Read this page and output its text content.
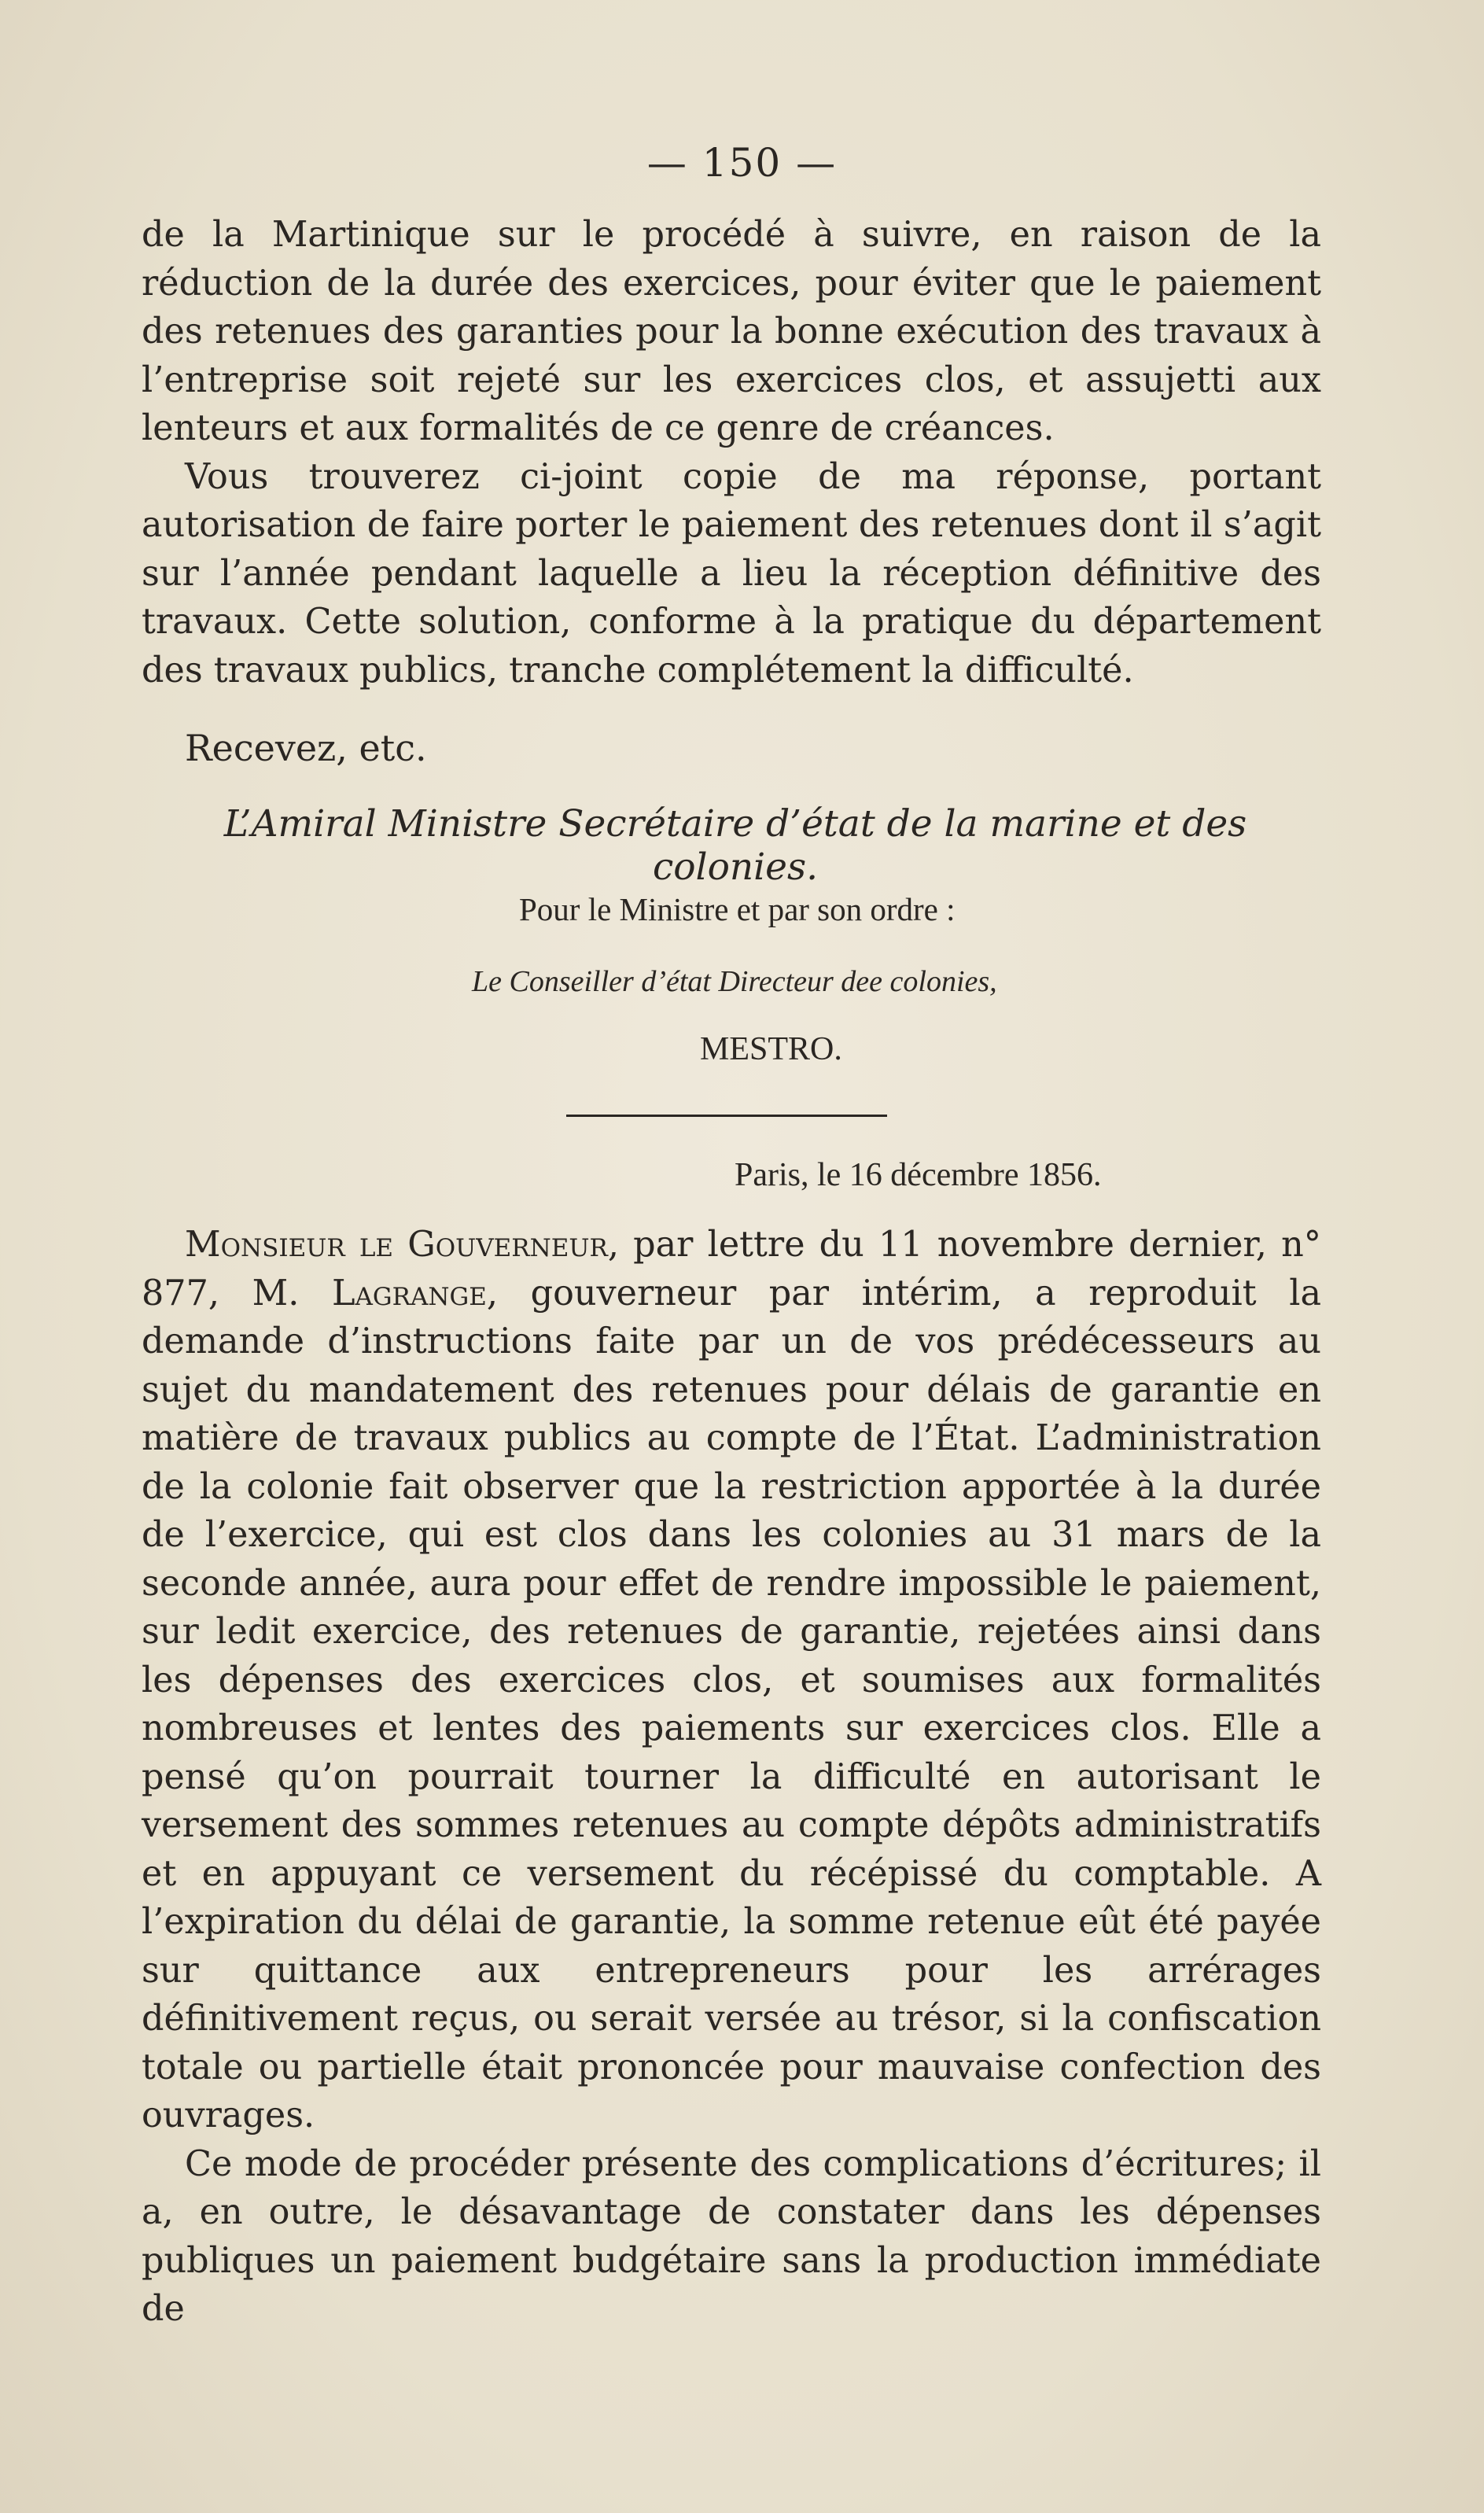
— 150 —

de la Martinique sur le procédé à suivre, en raison de la réduction de la durée des exercices, pour éviter que le paiement des retenues des garanties pour la bonne exécution des travaux à l’entreprise soit rejeté sur les exercices clos, et assujetti aux lenteurs et aux formalités de ce genre de créances.

Vous trouverez ci-joint copie de ma réponse, portant autorisation de faire porter le paiement des retenues dont il s’agit sur l’année pendant laquelle a lieu la réception définitive des travaux. Cette solution, conforme à la pratique du département des travaux publics, tranche complétement la difficulté.

Recevez, etc.
L’Amiral Ministre Secrétaire d’état de la marine et des colonies.
Pour le Ministre et par son ordre :
Le Conseiller d’état Directeur dee colonies,
MESTRO.
Paris, le 16 décembre 1856.

Monsieur le Gouverneur, par lettre du 11 novembre dernier, n° 877, M. Lagrange, gouverneur par intérim, a reproduit la demande d’instructions faite par un de vos prédécesseurs au sujet du mandatement des retenues pour délais de garantie en matière de travaux publics au compte de l’État. L’administration de la colonie fait observer que la restriction apportée à la durée de l’exercice, qui est clos dans les colonies au 31 mars de la seconde année, aura pour effet de rendre impossible le paiement, sur ledit exercice, des retenues de garantie, rejetées ainsi dans les dépenses des exercices clos, et soumises aux formalités nombreuses et lentes des paiements sur exercices clos. Elle a pensé qu’on pourrait tourner la difficulté en autorisant le versement des sommes retenues au compte dépôts administratifs et en appuyant ce versement du récépissé du comptable. A l’expiration du délai de garantie, la somme retenue eût été payée sur quittance aux entrepreneurs pour les arrérages définitivement reçus, ou serait versée au trésor, si la confiscation totale ou partielle était prononcée pour mauvaise confection des ouvrages.

Ce mode de procéder présente des complications d’écritures; il a, en outre, le désavantage de constater dans les dépenses publiques un paiement budgétaire sans la production immédiate de
